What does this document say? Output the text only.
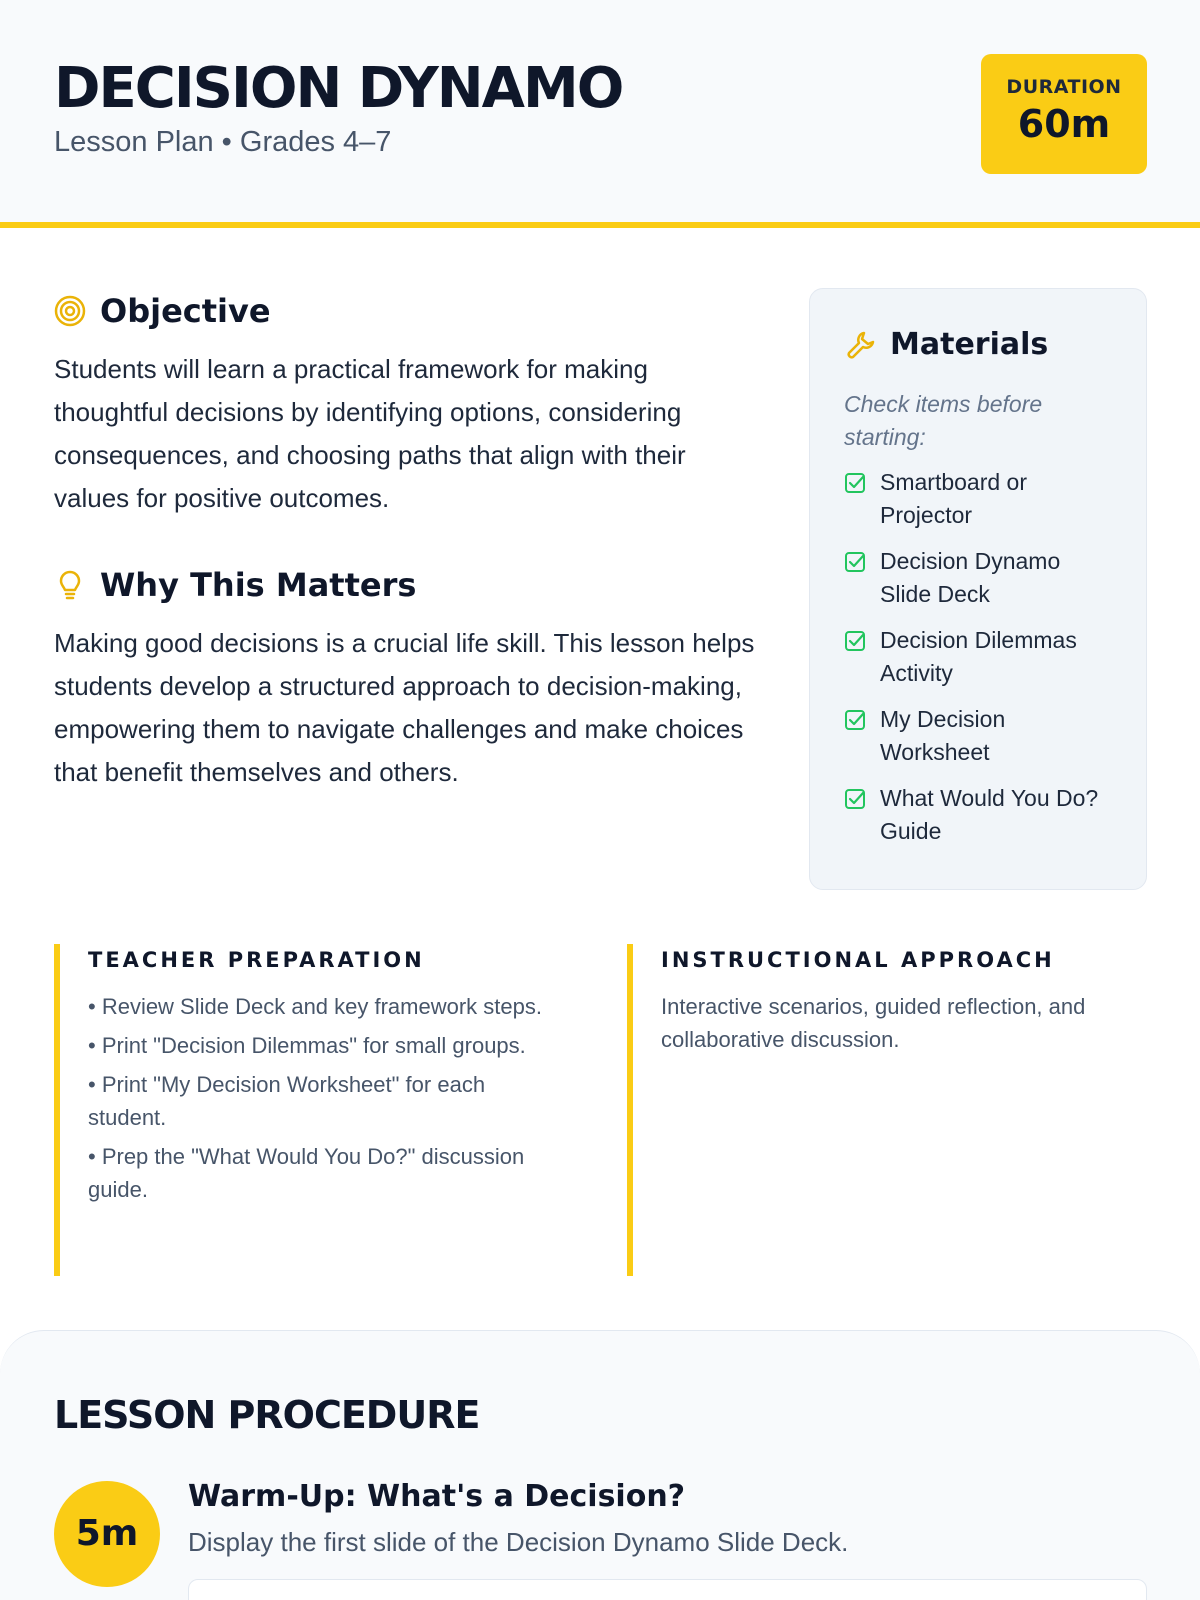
DECISION DYNAMO
Lesson Plan • Grades 4–7
DURATION
60m
Objective

Students will learn a practical framework for making thoughtful decisions by identifying options, considering consequences, and choosing paths that align with their values for positive outcomes.

Why This Matters

Making good decisions is a crucial life skill. This lesson helps students develop a structured approach to decision-making, empowering them to navigate challenges and make choices that benefit themselves and others.

Materials

Check items before starting:

Smartboard or Projector
Decision Dynamo Slide Deck
Decision Dilemmas Activity
My Decision Worksheet
What Would You Do? Guide
TEACHER PREPARATION
• Review Slide Deck and key framework steps.
• Print "Decision Dilemmas" for small groups.
• Print "My Decision Worksheet" for each student.
• Prep the "What Would You Do?" discussion guide.
INSTRUCTIONAL APPROACH

Interactive scenarios, guided reflection, and collaborative discussion.

LESSON PROCEDURE
5m
Warm-Up: What's a Decision?
Display the first slide of the Decision Dynamo Slide Deck.
